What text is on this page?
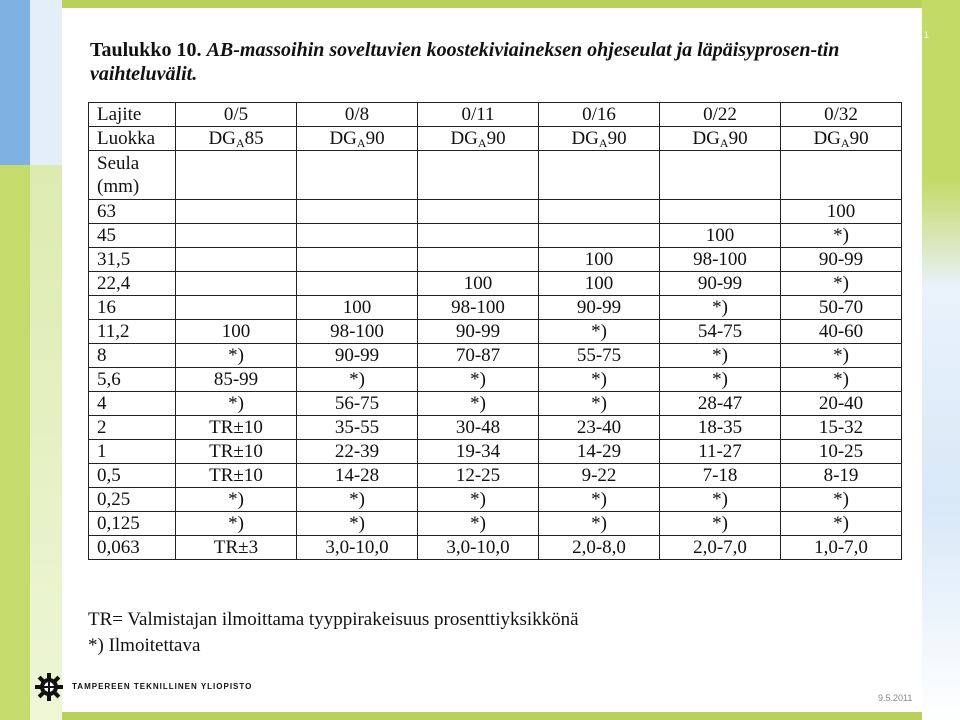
1
Taulukko 10. AB-massoihin soveltuvien koostekiviaineksen ohjeseulat ja läpäisyprosen-tin vaihteluvälit.
Lajite	0/5	0/8	0/11	0/16	0/22	0/32
Luokka	$DG_A85$	$DG_A90$	$DG_A90$	$DG_A90$	$DG_A90$	$DG_A90$
Seula (mm)						
63						100
45					100	*)
31,5				100	98-100	90-99
22,4			100	100	90-99	*)
16		100	98-100	90-99	*)	50-70
11,2	100	98-100	90-99	*)	54-75	40-60
8	*)	90-99	70-87	55-75	*)	*)
5,6	85-99	*)	*)	*)	*)	*)
4	*)	56-75	*)	*)	28-47	20-40
2	TR±10	35-55	30-48	23-40	18-35	15-32
1	TR±10	22-39	19-34	14-29	11-27	10-25
0,5	TR±10	14-28	12-25	9-22	7-18	8-19
0,25	*)	*)	*)	*)	*)	*)
0,125	*)	*)	*)	*)	*)	*)
0,063	TR±3	3,0-10,0	3,0-10,0	2,0-8,0	2,0-7,0	1,0-7,0
TR= Valmistajan ilmoittama tyyppirakeisuus prosenttiyksikkönä
*) Ilmoitettava
TAMPEREEN TEKNILLINEN YLIOPISTO
9.5.2011
